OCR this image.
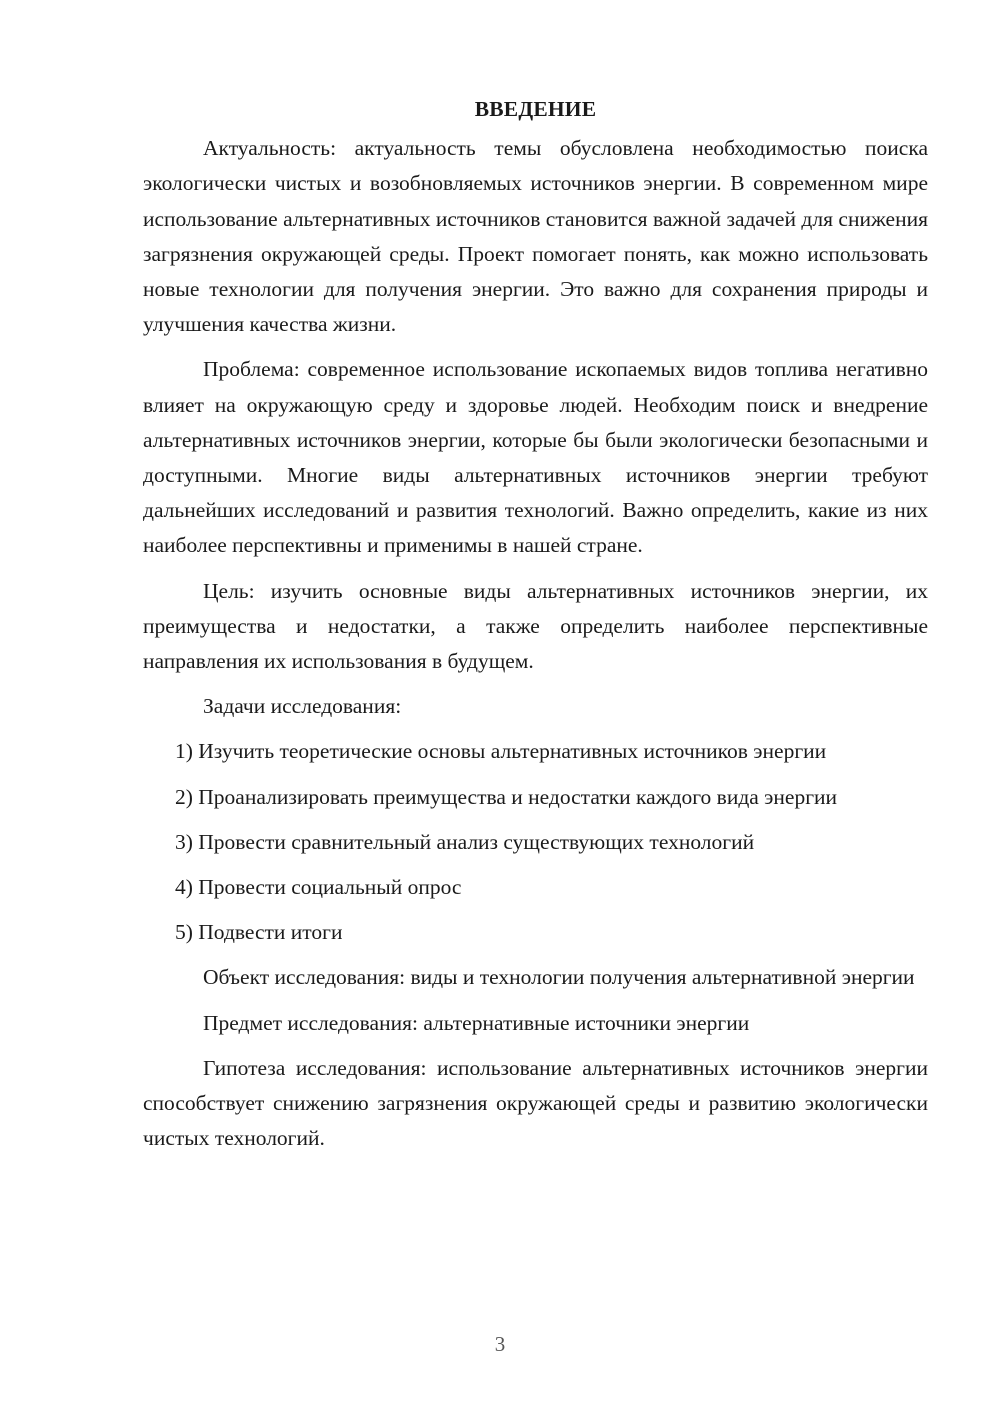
ВВЕДЕНИЕ

Актуальность: актуальность темы обусловлена необходимостью поиска экологически чистых и возобновляемых источников энергии. В современном мире использование альтернативных источников становится важной задачей для снижения загрязнения окружающей среды. Проект помогает понять, как можно использовать новые технологии для получения энергии. Это важно для сохранения природы и улучшения качества жизни.

Проблема: современное использование ископаемых видов топлива негативно влияет на окружающую среду и здоровье людей. Необходим поиск и внедрение альтернативных источников энергии, которые бы были экологически безопасными и доступными. Многие виды альтернативных источников энергии требуют дальнейших исследований и развития технологий. Важно определить, какие из них наиболее перспективны и применимы в нашей стране.

Цель: изучить основные виды альтернативных источников энергии, их преимущества и недостатки, а также определить наиболее перспективные направления их использования в будущем.

Задачи исследования:

1) Изучить теоретические основы альтернативных источников энергии

2) Проанализировать преимущества и недостатки каждого вида энергии

3) Провести сравнительный анализ существующих технологий

4) Провести социальный опрос

5) Подвести итоги

Объект исследования: виды и технологии получения альтернативной энергии

Предмет исследования: альтернативные источники энергии

Гипотеза исследования: использование альтернативных источников энергии способствует снижению загрязнения окружающей среды и развитию экологически чистых технологий.

3
